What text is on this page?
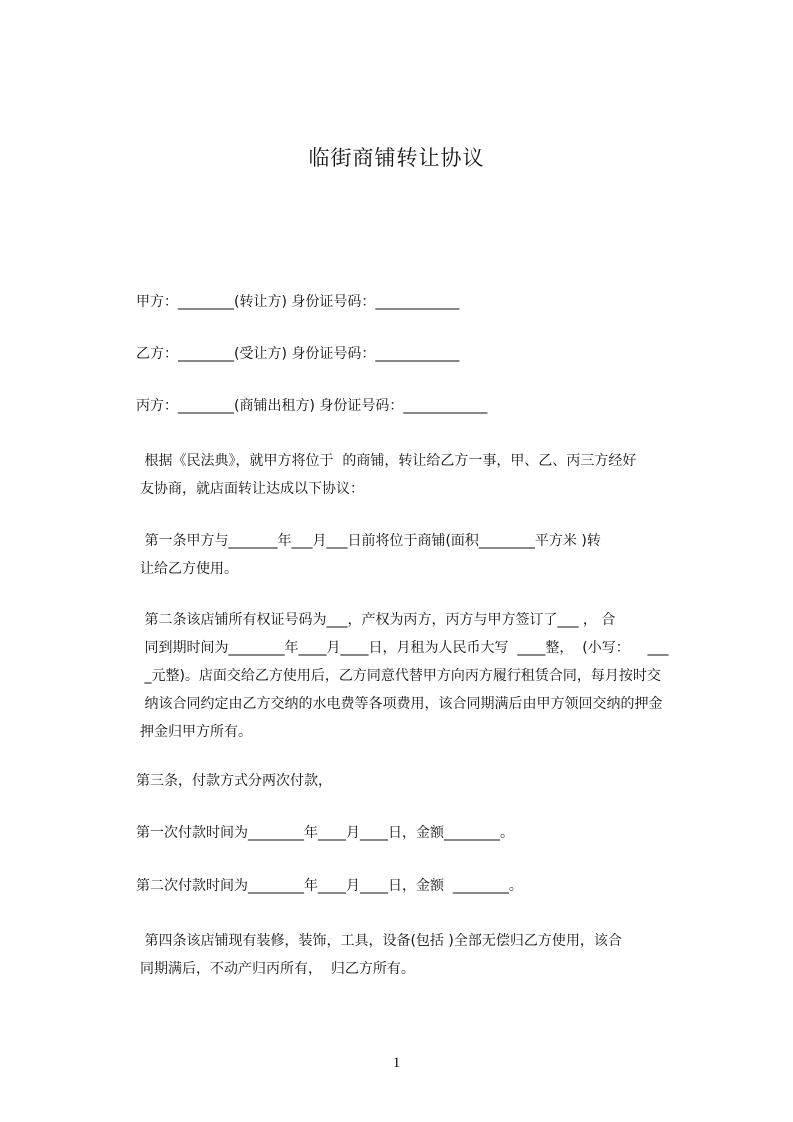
临街商铺转让协议
甲方：________(转让方) 身份证号码：____________
乙方：________(受让方) 身份证号码：____________
丙方：________(商铺出租方) 身份证号码：____________
根据《民法典》，就甲方将位于  的商铺，转让给乙方一事，甲、乙、丙三方经好
友协商，就店面转让达成以下协议：
第一条甲方与_______年___月___日前将位于商铺(面积________平方米 )转
让给乙方使用。
第二条该店铺所有权证号码为___，产权为丙方，丙方与甲方签订了___ ， 合
同到期时间为________年____月____日，月租为人民币大写  ____整，  (小写：    ___
_元整)。店面交给乙方使用后，乙方同意代替甲方向丙方履行租赁合同，每月按时交
纳该合同约定由乙方交纳的水电费等各项费用，该合同期满后由甲方领回交纳的押金
押金归甲方所有。
第三条，付款方式分两次付款，
第一次付款时间为________年____月____日，金额________。
第二次付款时间为________年____月____日，金额  ________。
第四条该店铺现有装修，装饰，工具，设备(包括 )全部无偿归乙方使用，该合
同期满后，不动产归丙所有，  归乙方所有。
1
